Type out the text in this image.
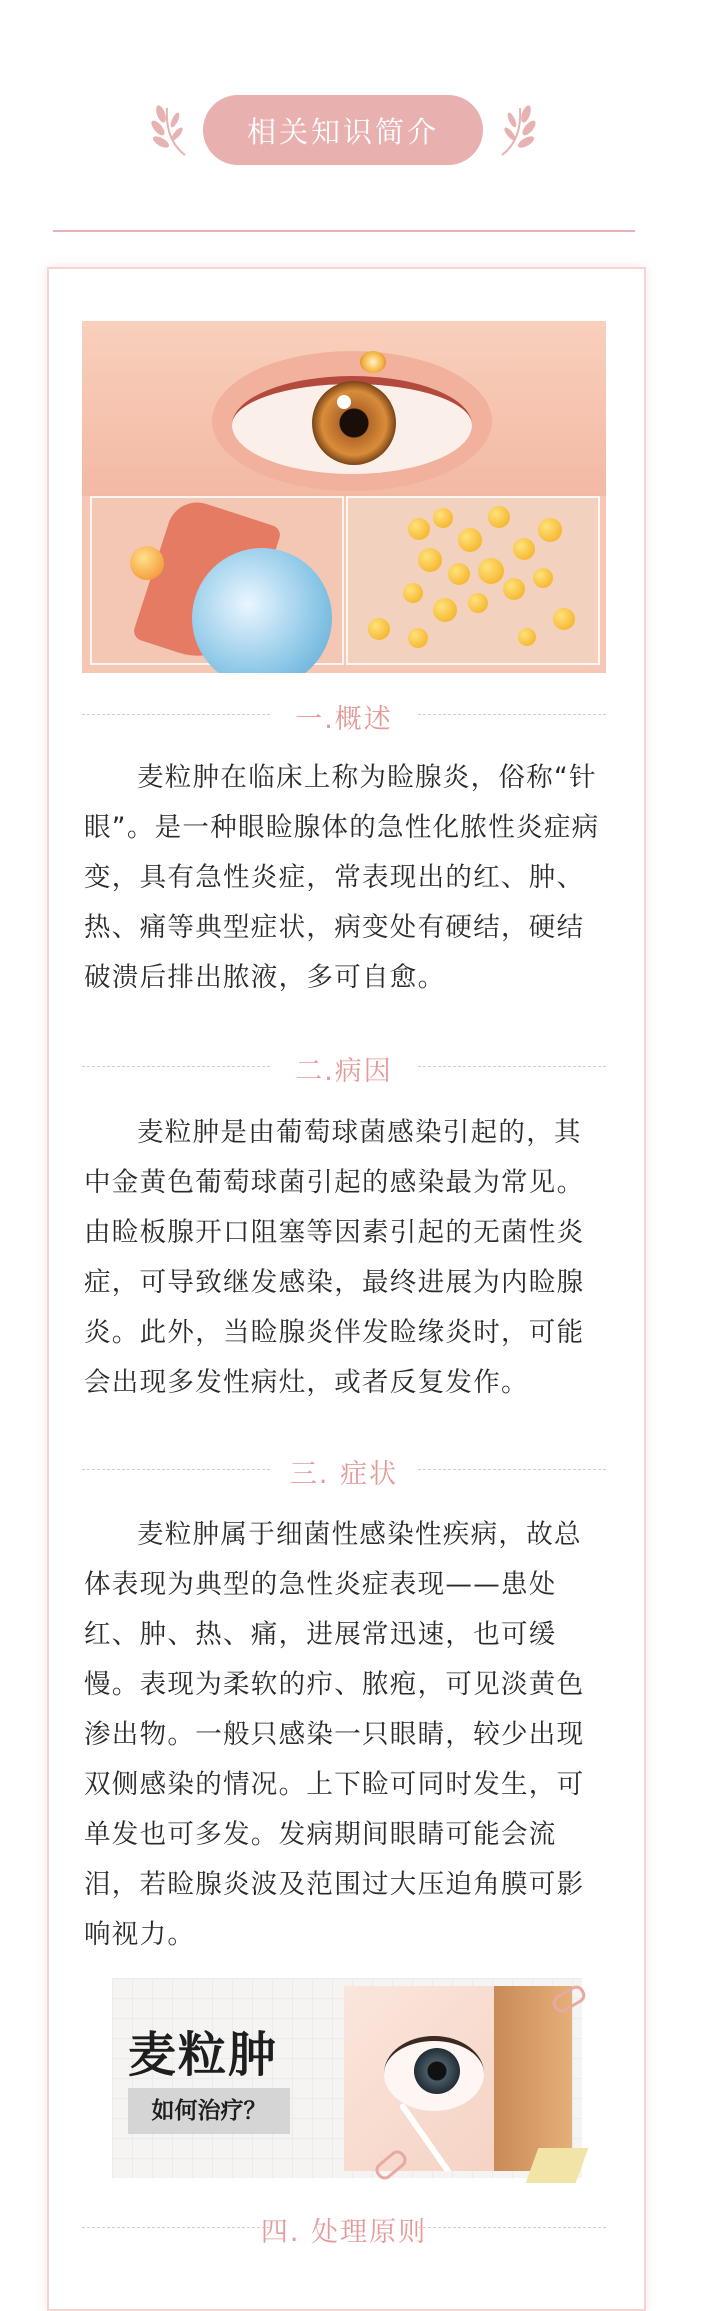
相关知识简介
一.概述

麦粒肿在临床上称为睑腺炎，俗称“针眼”。是一种眼睑腺体的急性化脓性炎症病变，具有急性炎症，常表现出的红、肿、热、痛等典型症状，病变处有硬结，硬结破溃后排出脓液，多可自愈。

二.病因

麦粒肿是由葡萄球菌感染引起的，其中金黄色葡萄球菌引起的感染最为常见。由睑板腺开口阻塞等因素引起的无菌性炎症，可导致继发感染，最终进展为内睑腺炎。此外，当睑腺炎伴发睑缘炎时，可能会出现多发性病灶，或者反复发作。

三. 症状

麦粒肿属于细菌性感染性疾病，故总体表现为典型的急性炎症表现——患处红、肿、热、痛，进展常迅速，也可缓慢。表现为柔软的疖、脓疱，可见淡黄色渗出物。一般只感染一只眼睛，较少出现双侧感染的情况。上下睑可同时发生，可单发也可多发。发病期间眼睛可能会流泪，若睑腺炎波及范围过大压迫角膜可影响视力。

麦粒肿
如何治疗？
四. 处理原则
